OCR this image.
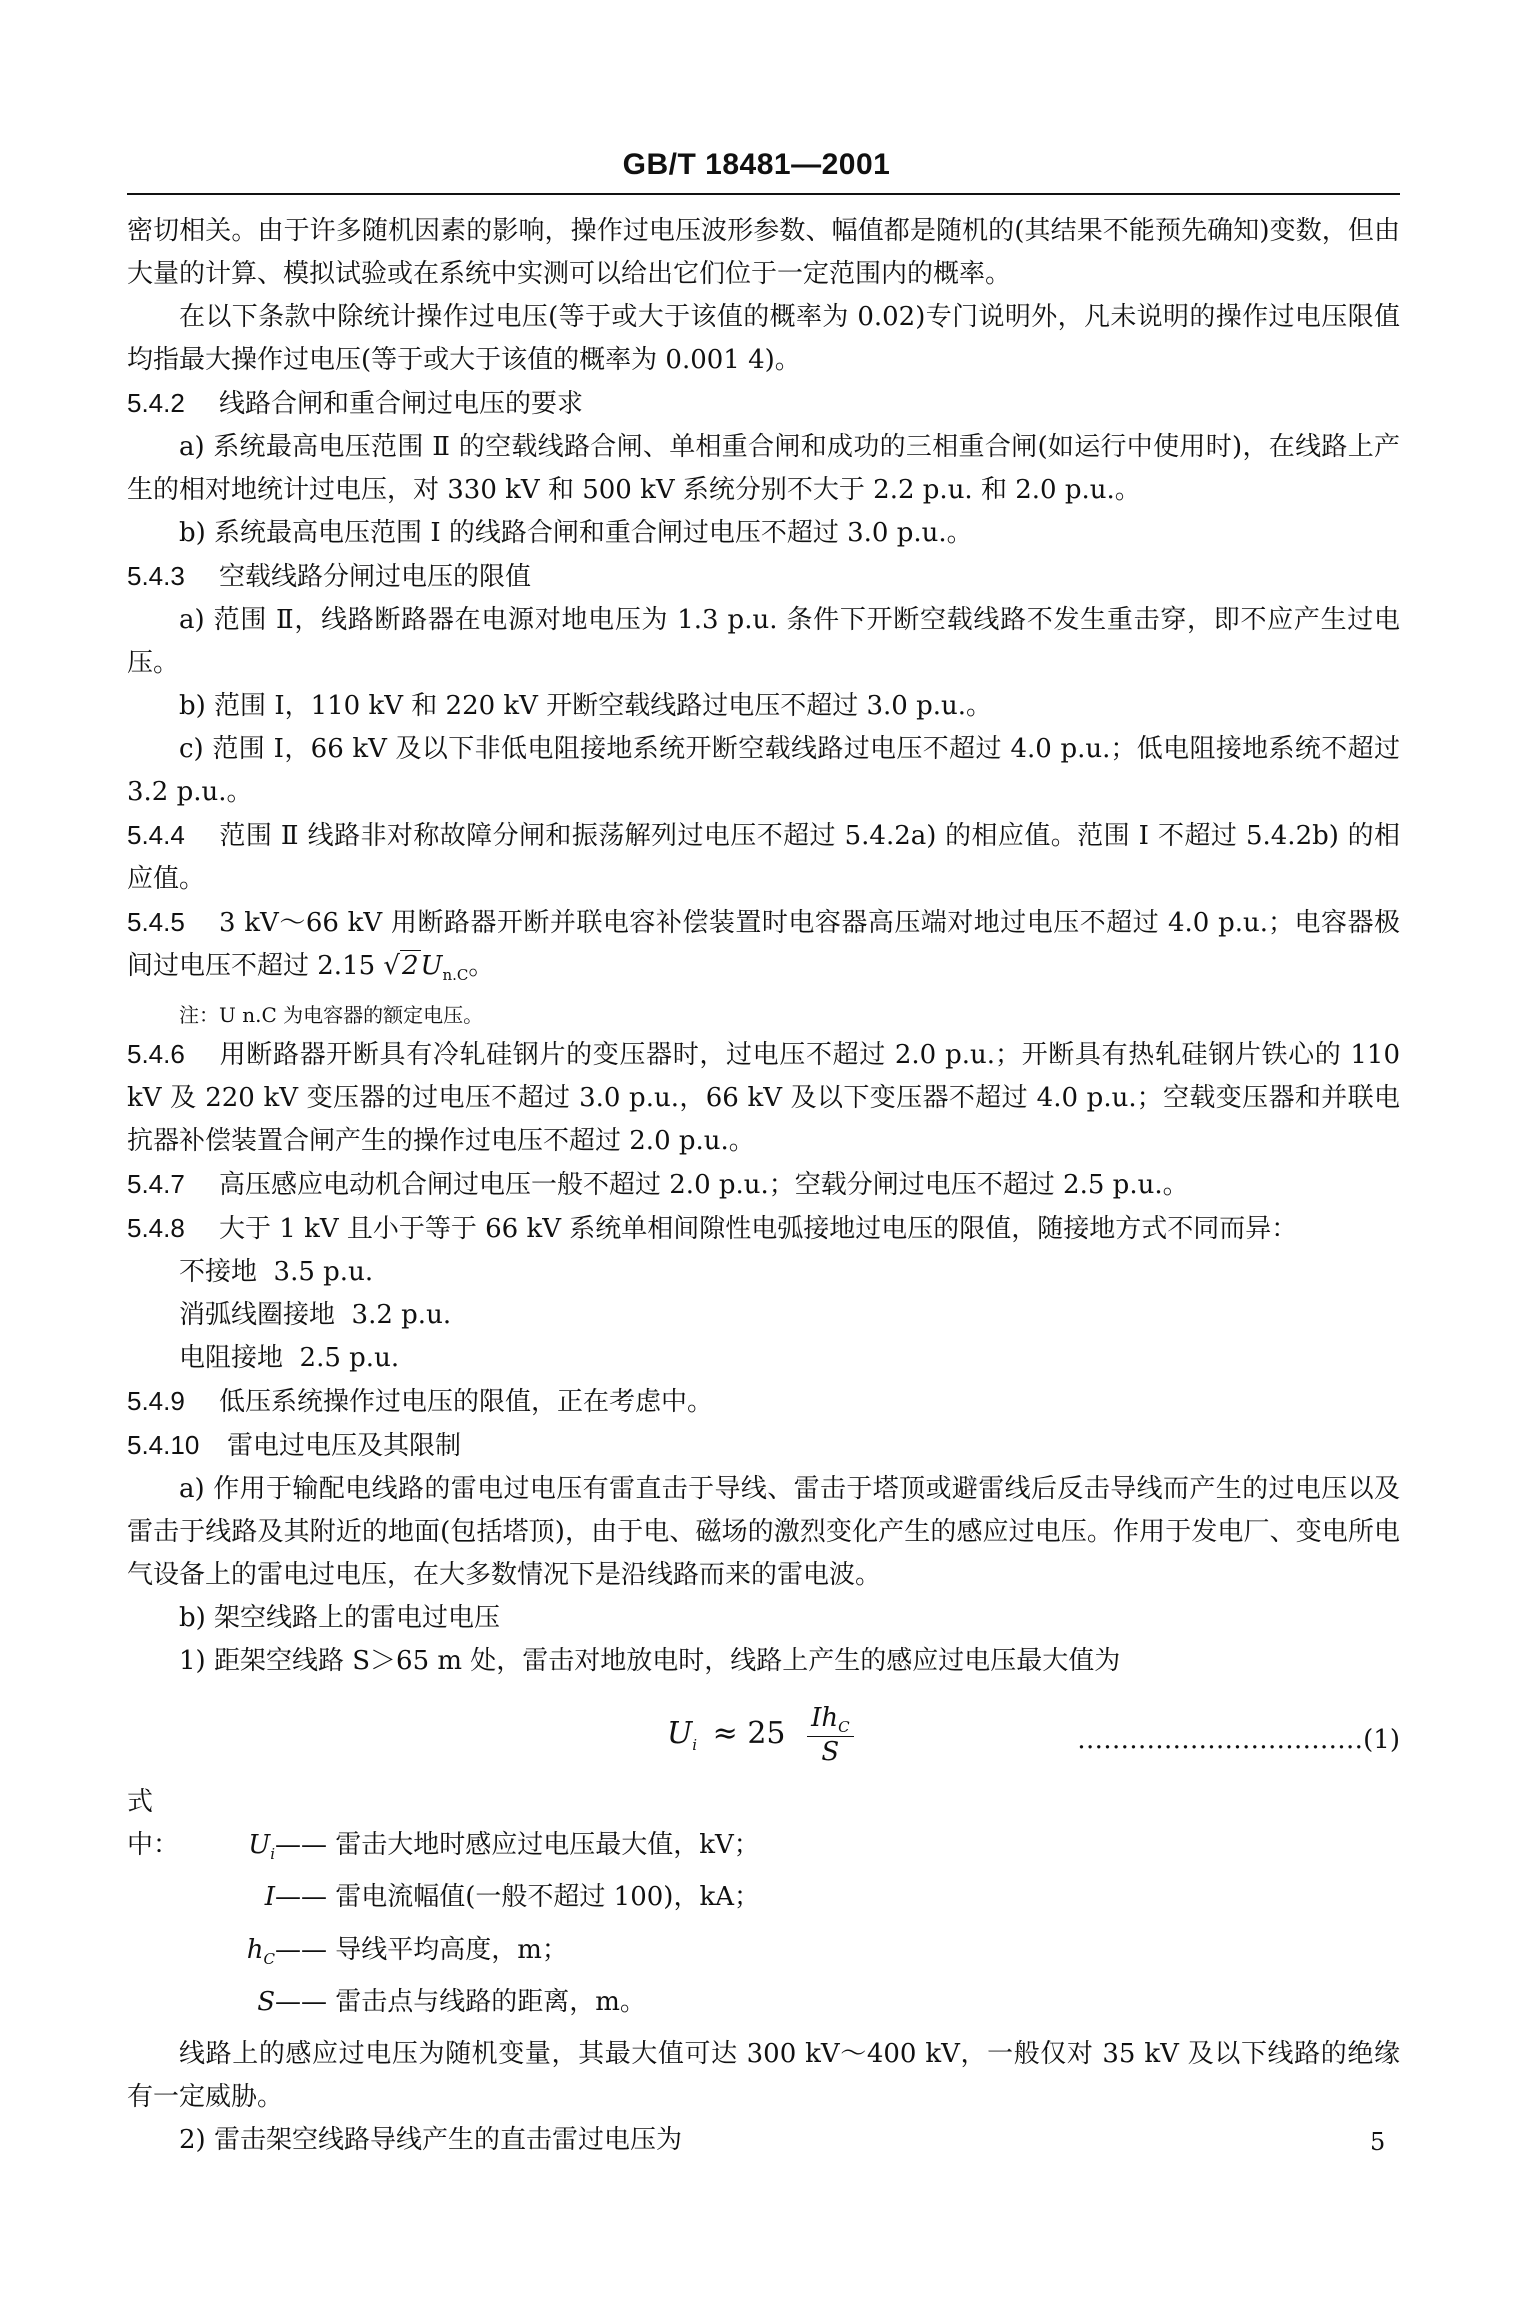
GB/T 18481—2001

密切相关。由于许多随机因素的影响，操作过电压波形参数、幅值都是随机的(其结果不能预先确知)变数，但由大量的计算、模拟试验或在系统中实测可以给出它们位于一定范围内的概率。

在以下条款中除统计操作过电压(等于或大于该值的概率为 0.02)专门说明外，凡未说明的操作过电压限值均指最大操作过电压(等于或大于该值的概率为 0.001 4)。

5.4.2 线路合闸和重合闸过电压的要求

a) 系统最高电压范围 Ⅱ 的空载线路合闸、单相重合闸和成功的三相重合闸(如运行中使用时)，在线路上产生的相对地统计过电压，对 330 kV 和 500 kV 系统分别不大于 2.2 p.u. 和 2.0 p.u.。

b) 系统最高电压范围 Ⅰ 的线路合闸和重合闸过电压不超过 3.0 p.u.。

5.4.3 空载线路分闸过电压的限值

a) 范围 Ⅱ，线路断路器在电源对地电压为 1.3 p.u. 条件下开断空载线路不发生重击穿，即不应产生过电压。

b) 范围 Ⅰ，110 kV 和 220 kV 开断空载线路过电压不超过 3.0 p.u.。

c) 范围 Ⅰ，66 kV 及以下非低电阻接地系统开断空载线路过电压不超过 4.0 p.u.；低电阻接地系统不超过 3.2 p.u.。

5.4.4 范围 Ⅱ 线路非对称故障分闸和振荡解列过电压不超过 5.4.2a) 的相应值。范围 Ⅰ 不超过 5.4.2b) 的相应值。

5.4.5 3 kV～66 kV 用断路器开断并联电容补偿装置时电容器高压端对地过电压不超过 4.0 p.u.；电容器极间过电压不超过 2.15 $√2U_{n.C}$。

注：U n.C 为电容器的额定电压。

5.4.6 用断路器开断具有冷轧硅钢片的变压器时，过电压不超过 2.0 p.u.；开断具有热轧硅钢片铁心的 110 kV 及 220 kV 变压器的过电压不超过 3.0 p.u.，66 kV 及以下变压器不超过 4.0 p.u.；空载变压器和并联电抗器补偿装置合闸产生的操作过电压不超过 2.0 p.u.。

5.4.7 高压感应电动机合闸过电压一般不超过 2.0 p.u.；空载分闸过电压不超过 2.5 p.u.。

5.4.8 大于 1 kV 且小于等于 66 kV 系统单相间隙性电弧接地过电压的限值，随接地方式不同而异：

不接地 3.5 p.u.

消弧线圈接地 3.2 p.u.

电阻接地 2.5 p.u.

5.4.9 低压系统操作过电压的限值，正在考虑中。

5.4.10 雷电过电压及其限制

a) 作用于输配电线路的雷电过电压有雷直击于导线、雷击于塔顶或避雷线后反击导线而产生的过电压以及雷击于线路及其附近的地面(包括塔顶)，由于电、磁场的激烈变化产生的感应过电压。作用于发电厂、变电所电气设备上的雷电过电压，在大多数情况下是沿线路而来的雷电波。

b) 架空线路上的雷电过电压

1) 距架空线路 S＞65 m 处，雷击对地放电时，线路上产生的感应过电压最大值为

$U_i \approx 25 \frac{Ih_C}{S}$	……………………………(1)

式中：	$U_i——$ 雷击大地时感应过电压最大值，kV；

I—— 雷电流幅值(一般不超过 100)，kA；

$h_C——$ 导线平均高度，m；

S—— 雷击点与线路的距离，m。

线路上的感应过电压为随机变量，其最大值可达 300 kV～400 kV，一般仅对 35 kV 及以下线路的绝缘有一定威胁。

2) 雷击架空线路导线产生的直击雷过电压为	5
